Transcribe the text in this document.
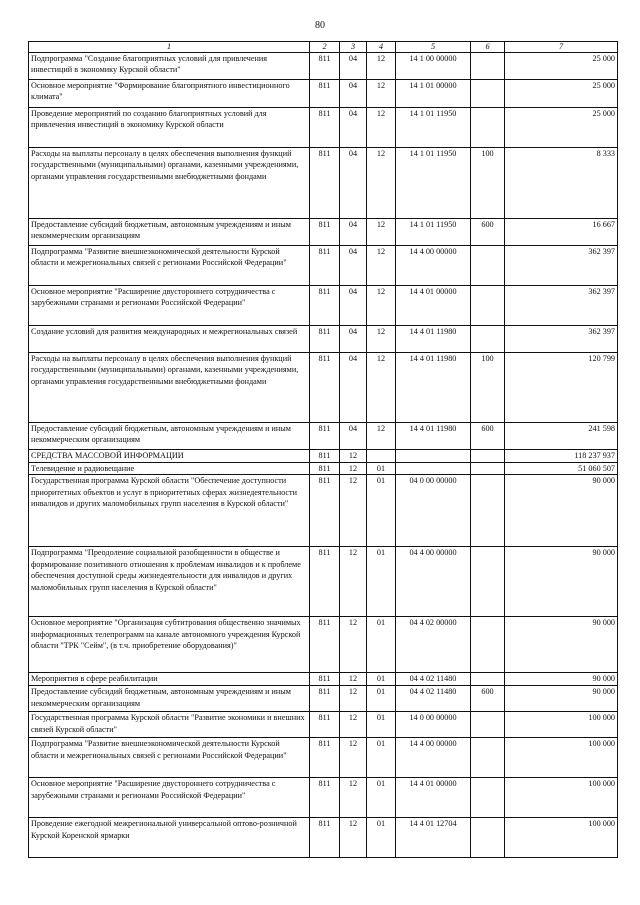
80
1	2	3	4	5	6	7
Подпрограмма "Создание благоприятных условий для привлечения инвестиций в экономику Курской области"	811	04	12	14 1 00 00000		25 000
Основное мероприятие "Формирование благоприятного инвестиционного климата"	811	04	12	14 1 01 00000		25 000
Проведение мероприятий по созданию благоприятных условий для привлечения инвестиций в экономику Курской области	811	04	12	14 1 01 11950		25 000
Расходы на выплаты персоналу в целях обеспечения выполнения функций государственными (муниципальными) органами, казенными учреждениями, органами управления государственными внебюджетными фондами	811	04	12	14 1 01 11950	100	8 333
Предоставление субсидий бюджетным, автономным учреждениям и иным некоммерческим организациям	811	04	12	14 1 01 11950	600	16 667
Подпрограмма "Развитие внешнеэкономической деятельности Курской области и межрегиональных связей с регионами Российской Федерации"	811	04	12	14 4 00 00000		362 397
Основное мероприятие "Расширение двустороннего сотрудничества с зарубежными странами и регионами Российской Федерации"	811	04	12	14 4 01 00000		362 397
Создание условий для развития международных и межрегиональных связей	811	04	12	14 4 01 11980		362 397
Расходы на выплаты персоналу в целях обеспечения выполнения функций государственными (муниципальными) органами, казенными учреждениями, органами управления государственными внебюджетными фондами	811	04	12	14 4 01 11980	100	120 799
Предоставление субсидий бюджетным, автономным учреждениям и иным некоммерческим организациям	811	04	12	14 4 01 11980	600	241 598
СРЕДСТВА МАССОВОЙ ИНФОРМАЦИИ	811	12				118 237 937
Телевидение и радиовещание	811	12	01			51 060 507
Государственная программа Курской области "Обеспечение доступности приоритетных объектов и услуг в приоритетных сферах жизнедеятельности инвалидов и других маломобильных групп населения в Курской области"	811	12	01	04 0 00 00000		90 000
Подпрограмма "Преодоление социальной разобщенности в обществе и формирование позитивного отношения к проблемам инвалидов и к проблеме обеспечения доступной среды жизнедеятельности для инвалидов и других маломобильных групп населения в Курской области"	811	12	01	04 4 00 00000		90 000
Основное мероприятие "Организация субтитрования общественно значимых информационных телепрограмм на канале автономного учреждения Курской области "ТРК "Сейм", (в т.ч. приобретение оборудования)"	811	12	01	04 4 02 00000		90 000
Мероприятия в сфере реабилитации	811	12	01	04 4 02 11480		90 000
Предоставление субсидий бюджетным, автономным учреждениям и иным некоммерческим организациям	811	12	01	04 4 02 11480	600	90 000
Государственная программа Курской области "Развитие экономики и внешних связей Курской области"	811	12	01	14 0 00 00000		100 000
Подпрограмма "Развитие внешнеэкономической деятельности Курской области и межрегиональных связей с регионами Российской Федерации"	811	12	01	14 4 00 00000		100 000
Основное мероприятие "Расширение двустороннего сотрудничества с зарубежными странами и регионами Российской Федерации"	811	12	01	14 4 01 00000		100 000
Проведение ежегодной межрегиональной универсальной оптово-розничной Курской Коренской ярмарки	811	12	01	14 4 01 12704		100 000
